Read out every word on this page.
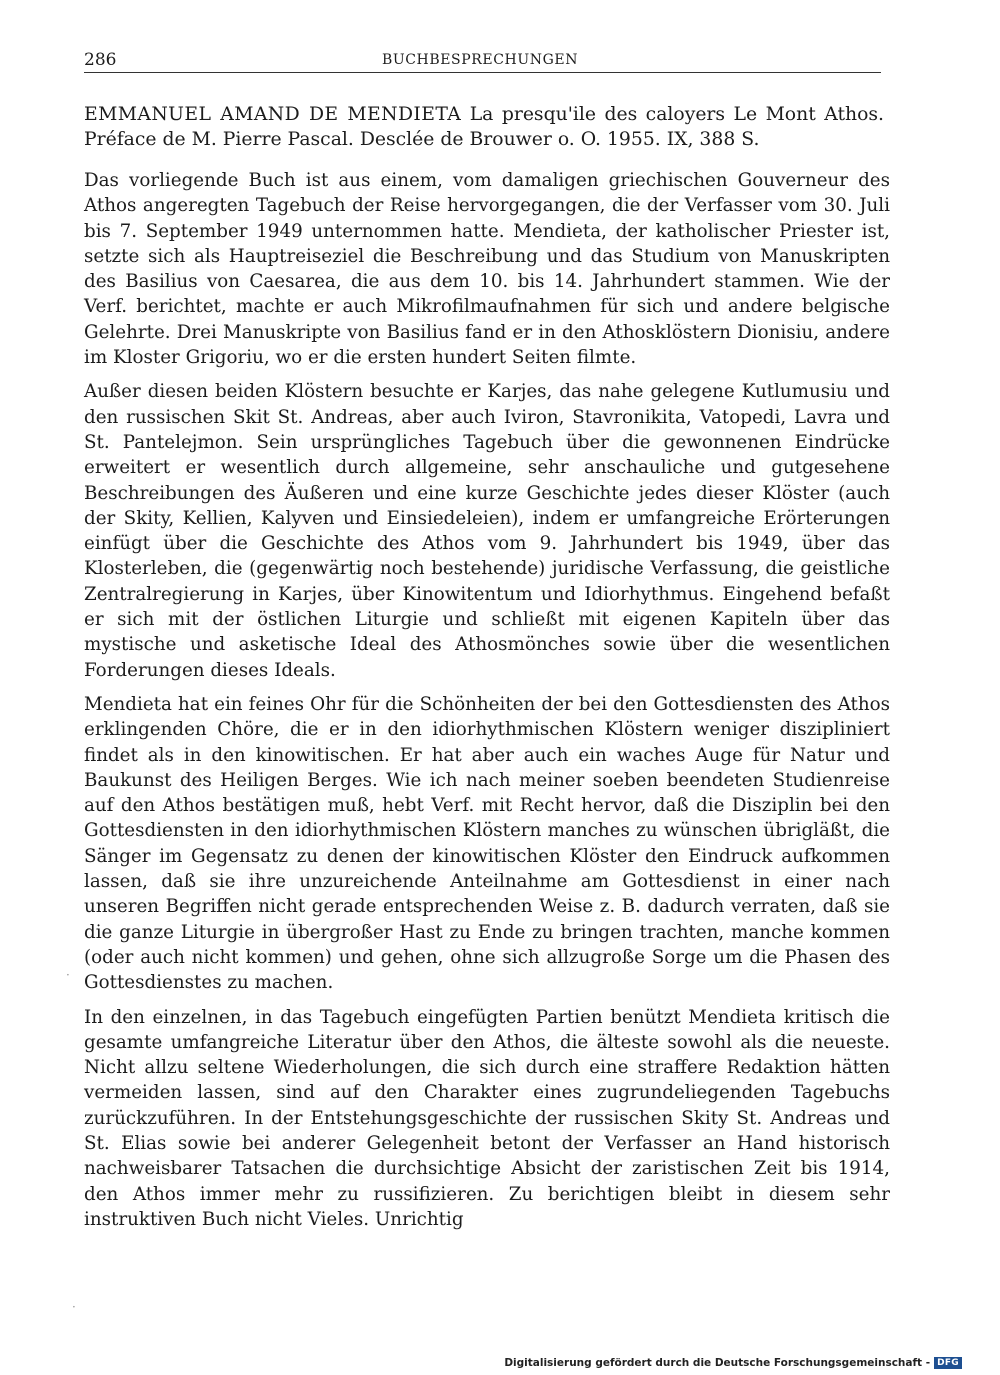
286	BUCHBESPRECHUNGEN
EMMANUEL AMAND DE MENDIETA La presqu'ile des caloyers Le Mont Athos. Préface de M. Pierre Pascal. Desclée de Brouwer o. O. 1955. IX, 388 S.

Das vorliegende Buch ist aus einem, vom damaligen griechischen Gouverneur des Athos angeregten Tagebuch der Reise hervorgegangen, die der Verfasser vom 30. Juli bis 7. September 1949 unternommen hatte. Mendieta, der katholischer Priester ist, setzte sich als Hauptreiseziel die Beschreibung und das Studium von Manuskripten des Basilius von Caesarea, die aus dem 10. bis 14. Jahrhundert stammen. Wie der Verf. berichtet, machte er auch Mikrofilmaufnahmen für sich und andere belgische Gelehrte. Drei Manuskripte von Basilius fand er in den Athosklöstern Dionisiu, andere im Kloster Grigoriu, wo er die ersten hundert Seiten filmte.

Außer diesen beiden Klöstern besuchte er Karjes, das nahe gelegene Kutlumusiu und den russischen Skit St. Andreas, aber auch Iviron, Stavronikita, Vatopedi, Lavra und St. Pantelejmon. Sein ursprüngliches Tagebuch über die gewonnenen Eindrücke erweitert er wesentlich durch allgemeine, sehr anschauliche und gutgesehene Beschreibungen des Äußeren und eine kurze Geschichte jedes dieser Klöster (auch der Skity, Kellien, Kalyven und Einsiedeleien), indem er umfangreiche Erörterungen einfügt über die Geschichte des Athos vom 9. Jahrhundert bis 1949, über das Klosterleben, die (gegenwärtig noch bestehende) juridische Verfassung, die geistliche Zentralregierung in Karjes, über Kinowitentum und Idiorhythmus. Eingehend befaßt er sich mit der östlichen Liturgie und schließt mit eigenen Kapiteln über das mystische und asketische Ideal des Athosmönches sowie über die wesentlichen Forderungen dieses Ideals.

Mendieta hat ein feines Ohr für die Schönheiten der bei den Gottesdiensten des Athos erklingenden Chöre, die er in den idiorhythmischen Klöstern weniger diszipliniert findet als in den kinowitischen. Er hat aber auch ein waches Auge für Natur und Baukunst des Heiligen Berges. Wie ich nach meiner soeben beendeten Studienreise auf den Athos bestätigen muß, hebt Verf. mit Recht hervor, daß die Disziplin bei den Gottesdiensten in den idiorhythmischen Klöstern manches zu wünschen übrigläßt, die Sänger im Gegensatz zu denen der kinowitischen Klöster den Eindruck aufkommen lassen, daß sie ihre unzureichende Anteilnahme am Gottesdienst in einer nach unseren Begriffen nicht gerade entsprechenden Weise z. B. dadurch verraten, daß sie die ganze Liturgie in übergroßer Hast zu Ende zu bringen trachten, manche kommen (oder auch nicht kommen) und gehen, ohne sich allzugroße Sorge um die Phasen des Gottesdienstes zu machen.

In den einzelnen, in das Tagebuch eingefügten Partien benützt Mendieta kritisch die gesamte umfangreiche Literatur über den Athos, die älteste sowohl als die neueste. Nicht allzu seltene Wiederholungen, die sich durch eine straffere Redaktion hätten vermeiden lassen, sind auf den Charakter eines zugrundeliegenden Tagebuchs zurückzuführen. In der Entstehungsgeschichte der russischen Skity St. Andreas und St. Elias sowie bei anderer Gelegenheit betont der Verfasser an Hand historisch nachweisbarer Tatsachen die durchsichtige Absicht der zaristischen Zeit bis 1914, den Athos immer mehr zu russifizieren. Zu berichtigen bleibt in diesem sehr instruktiven Buch nicht Vieles. Unrichtig

·
·
Digitalisierung gefördert durch die Deutsche Forschungsgemeinschaft - DFG
